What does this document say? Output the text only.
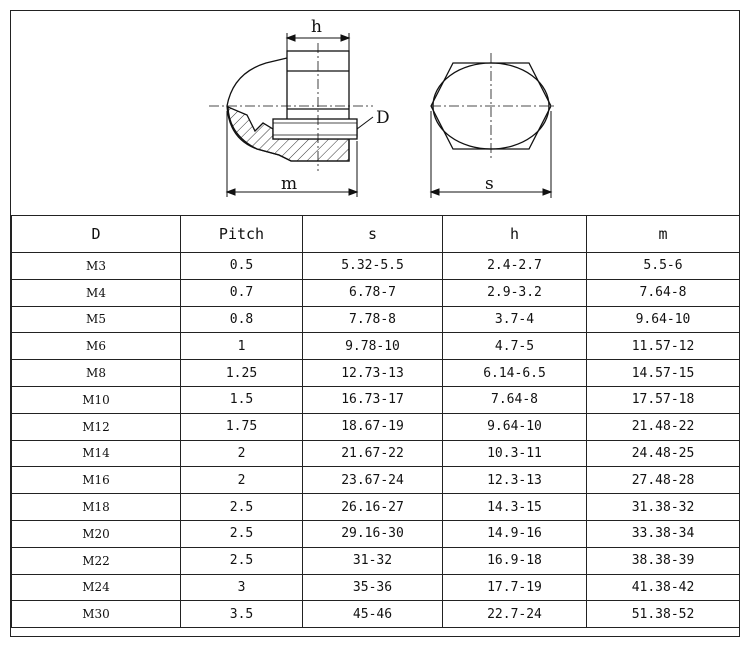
h
D
m	s
D	Pitch	s	h	m
M3	0.5	5.32-5.5	2.4-2.7	5.5-6
M4	0.7	6.78-7	2.9-3.2	7.64-8
M5	0.8	7.78-8	3.7-4	9.64-10
M6	1	9.78-10	4.7-5	11.57-12
M8	1.25	12.73-13	6.14-6.5	14.57-15
M10	1.5	16.73-17	7.64-8	17.57-18
M12	1.75	18.67-19	9.64-10	21.48-22
M14	2	21.67-22	10.3-11	24.48-25
M16	2	23.67-24	12.3-13	27.48-28
M18	2.5	26.16-27	14.3-15	31.38-32
M20	2.5	29.16-30	14.9-16	33.38-34
M22	2.5	31-32	16.9-18	38.38-39
M24	3	35-36	17.7-19	41.38-42
M30	3.5	45-46	22.7-24	51.38-52
